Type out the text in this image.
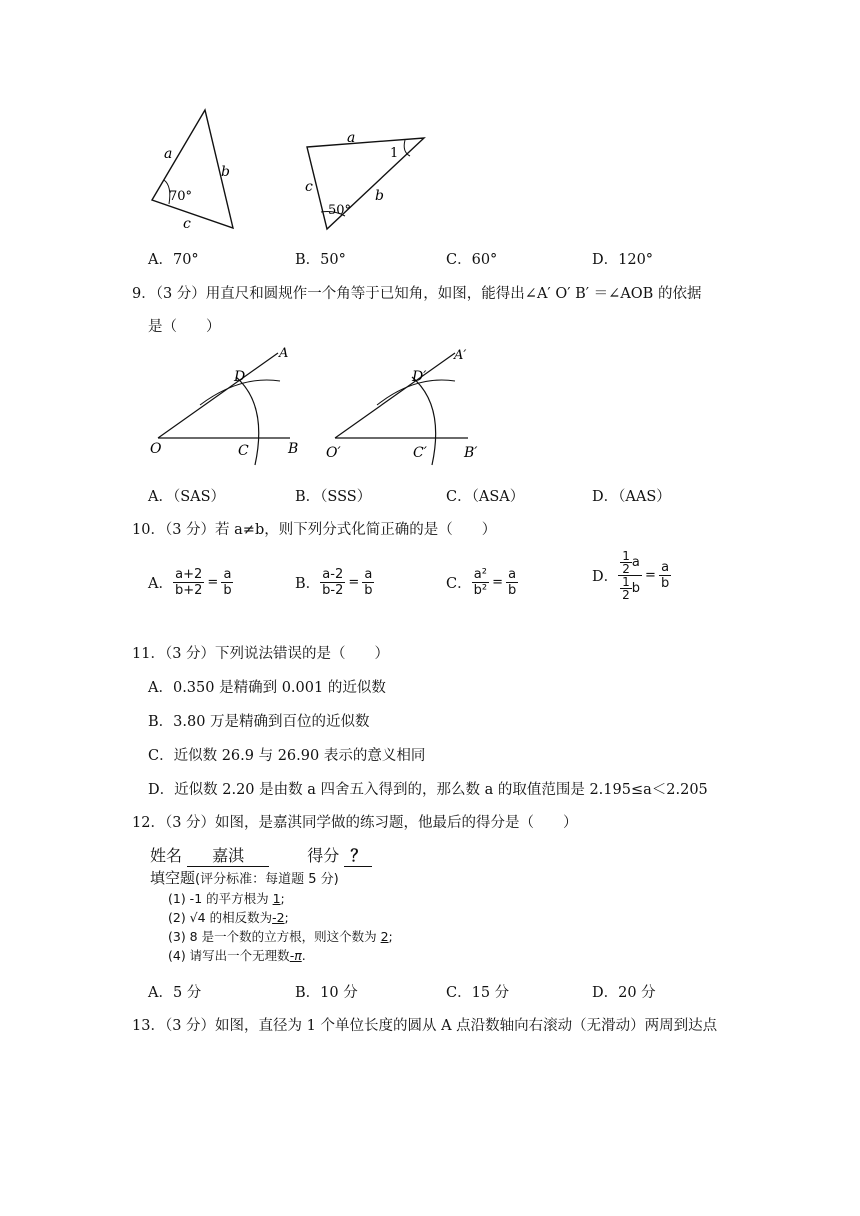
a
b
c
70°
a
b
c
1
50°
A．70°	B．50°	C．60°	D．120°
9．（3 分）用直尺和圆规作一个角等于已知角，如图，能得出∠A′ O′ B′ ＝∠AOB 的依据
是（　　）
O
A
B
C
D
O′
A′
B′
C′
D′
A．（SAS）	B．（SSS）	C．（ASA）	D．（AAS）
10．（3 分）若 a≠b，则下列分式化简正确的是（　　）
A． $\frac{a+2}{b+2} = \frac{a}{b}$	B． $\frac{a-2}{b-2} = \frac{a}{b}$	C． $\frac{\text{a²}}{\text{b²}} = \frac{a}{b}$	D． $\frac{\frac{1}{2} a}{\frac{1}{2} b} = \frac{a}{b}$
11．（3 分）下列说法错误的是（　　）
A．0.350 是精确到 0.001 的近似数
B．3.80 万是精确到百位的近似数
C．近似数 26.9 与 26.90 表示的意义相同
D．近似数 2.20 是由数 a 四舍五入得到的，那么数 a 的取值范围是 2.195≤a＜2.205
12．（3 分）如图，是嘉淇同学做的练习题，他最后的得分是（　　）
姓名 嘉淇	得分 ？
填空题(评分标准：每道题 5 分)
(1) -1 的平方根为 1;
(2) √4 的相反数为-2;
(3) 8 是一个数的立方根，则这个数为 2;
(4) 请写出一个无理数-π.
A．5 分	B．10 分	C．15 分	D．20 分
13．（3 分）如图，直径为 1 个单位长度的圆从 A 点沿数轴向右滚动（无滑动）两周到达点
